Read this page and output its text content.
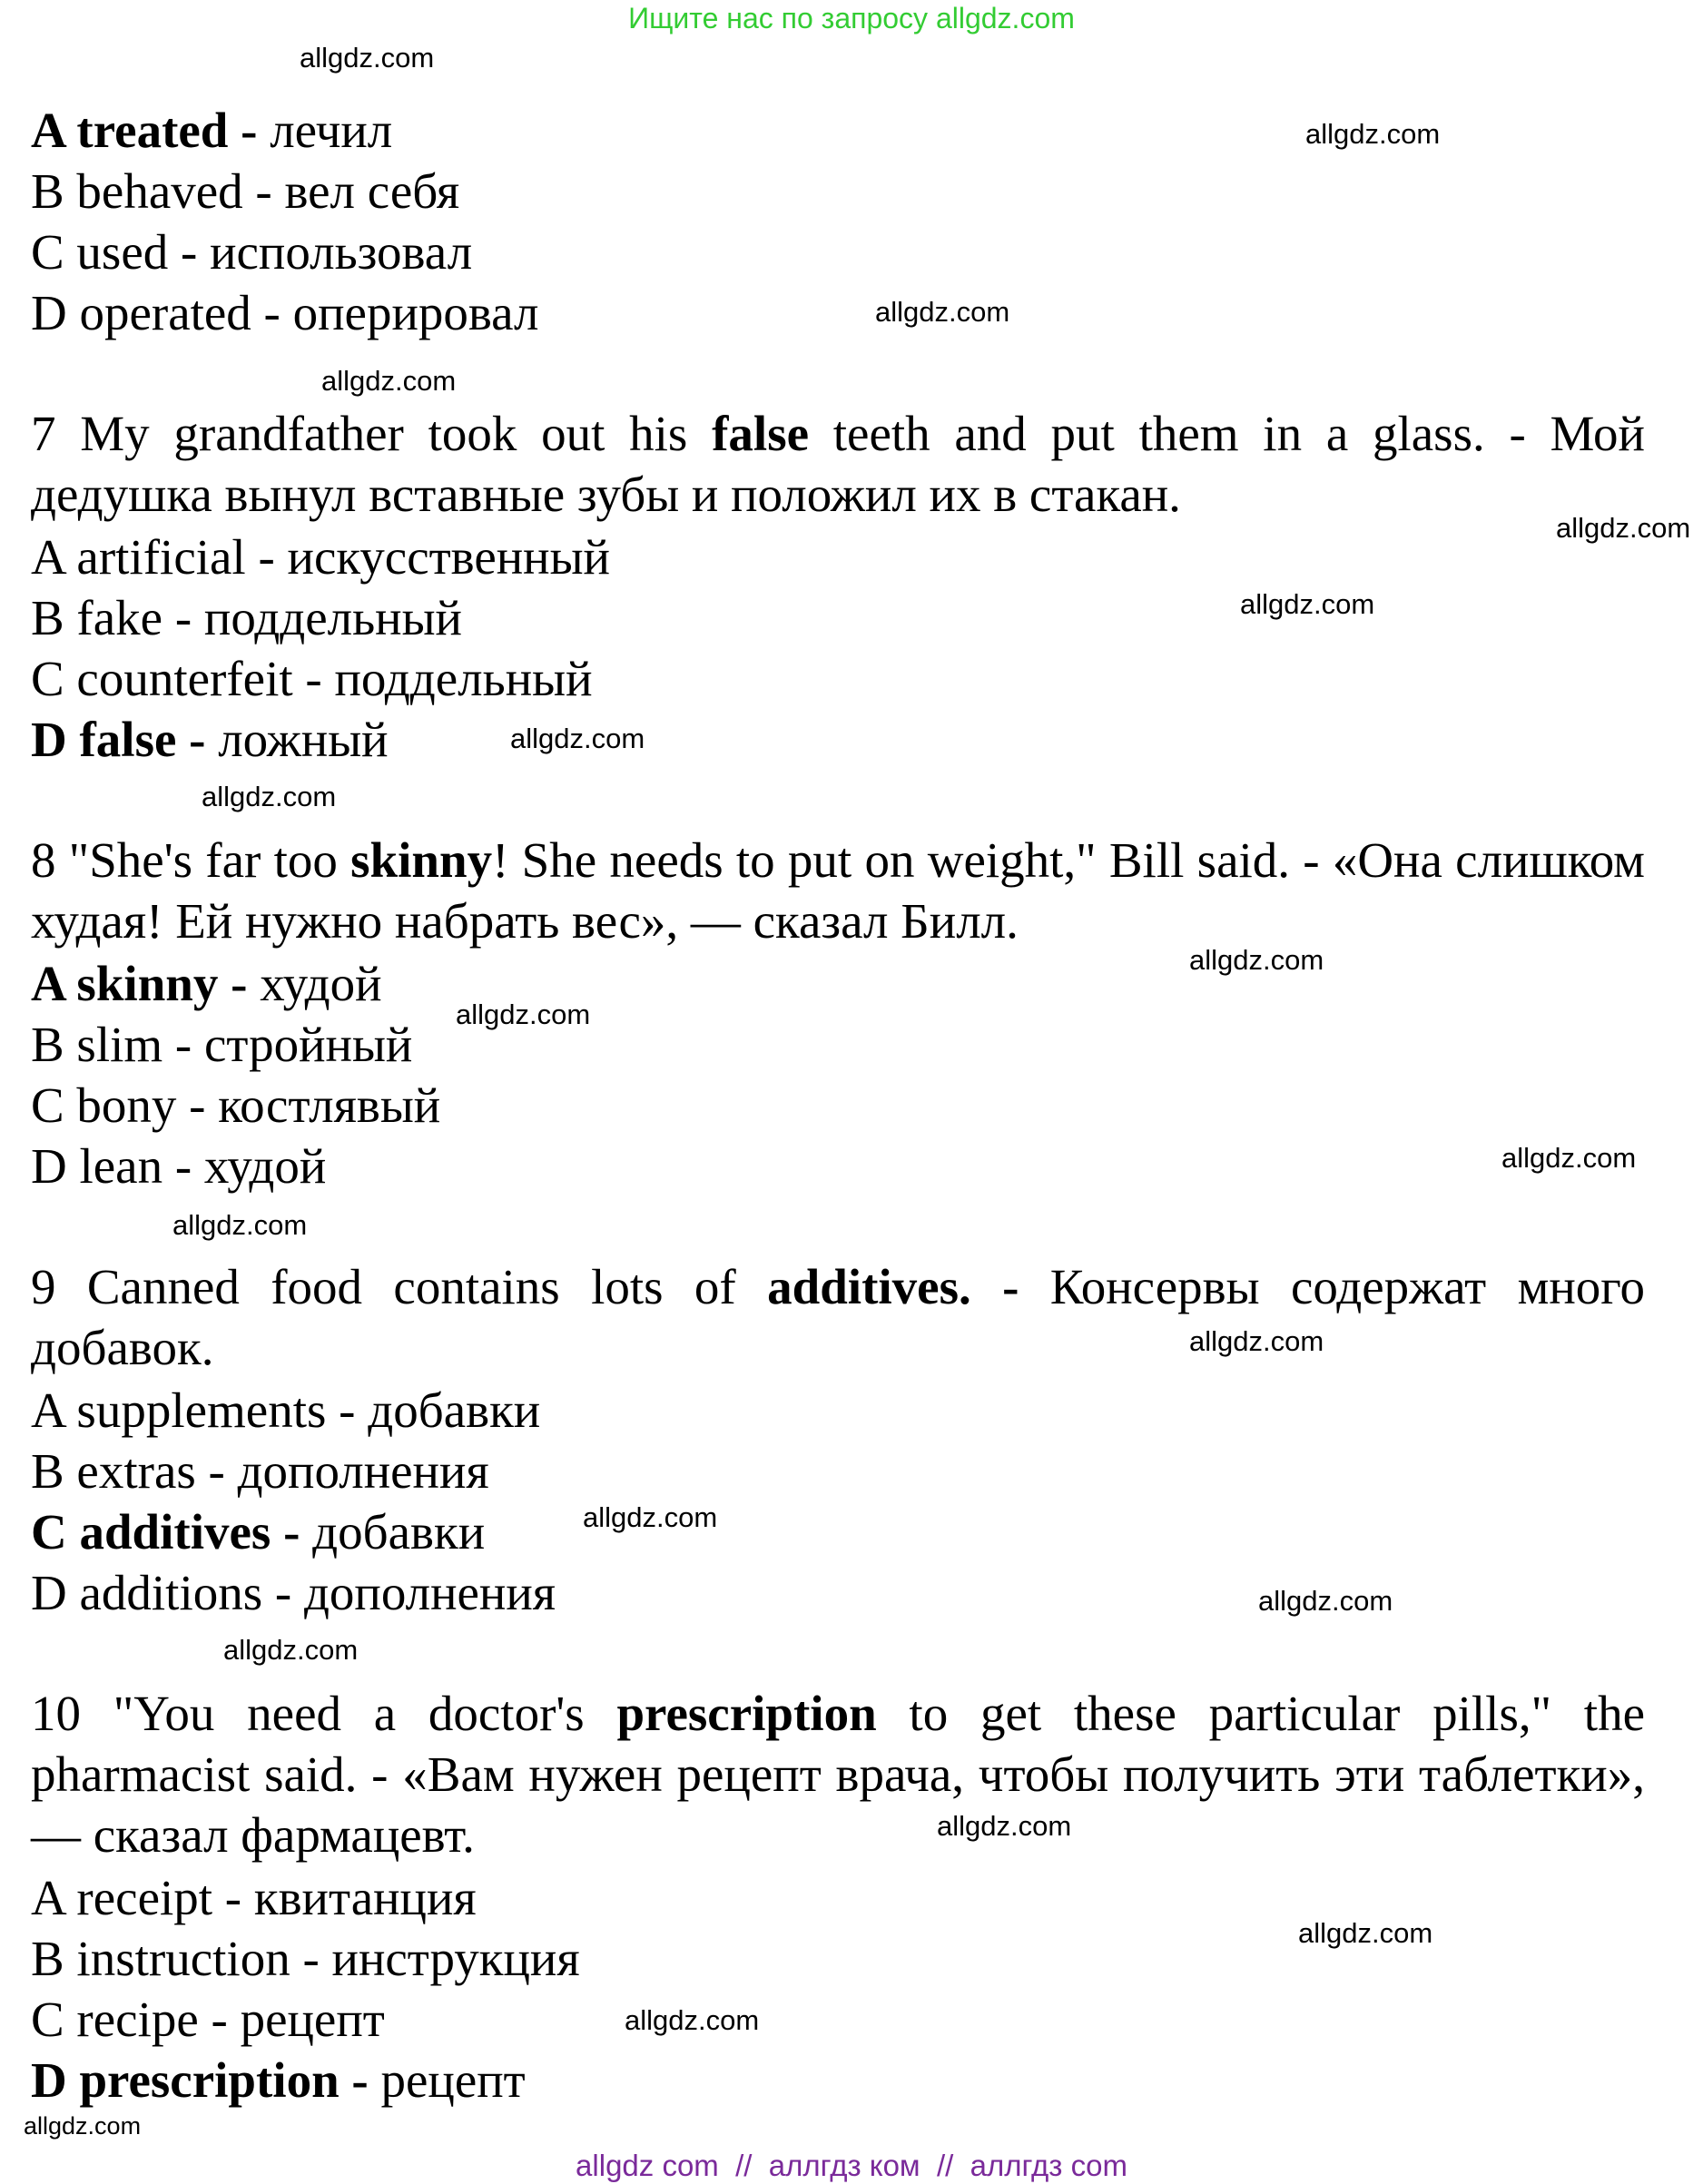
Ищите нас по запросу allgdz.com
allgdz.com
allgdz.com
allgdz.com
allgdz.com
allgdz.com
allgdz.com
allgdz.com
allgdz.com
allgdz.com
allgdz.com
allgdz.com
allgdz.com
allgdz.com
allgdz.com
allgdz.com
allgdz.com
allgdz.com
allgdz.com
allgdz.com
allgdz.com
A treated - лечил
B behaved - вел себя
C used - использовал
D operated - оперировал
7 My grandfather took out his false teeth and put them in a glass. - Мой дедушка вынул вставные зубы и положил их в стакан.
A artificial - искусственный
B fake - поддельный
C counterfeit - поддельный
D false - ложный
8 "She's far too skinny! She needs to put on weight," Bill said. - «Она слишком худая! Ей нужно набрать вес», — сказал Билл.
A skinny - худой
B slim - стройный
C bony - костлявый
D lean - худой
9 Canned food contains lots of additives. - Консервы содержат много добавок.
A supplements - добавки
B extras - дополнения
C additives - добавки
D additions - дополнения
10 "You need a doctor's prescription to get these particular pills," the pharmacist said. - «Вам нужен рецепт врача, чтобы получить эти таблетки», — сказал фармацевт.
A receipt - квитанция
B instruction - инструкция
C recipe - рецепт
D prescription - рецепт
allgdz com  //  аллгдз ком  //  аллгдз com
